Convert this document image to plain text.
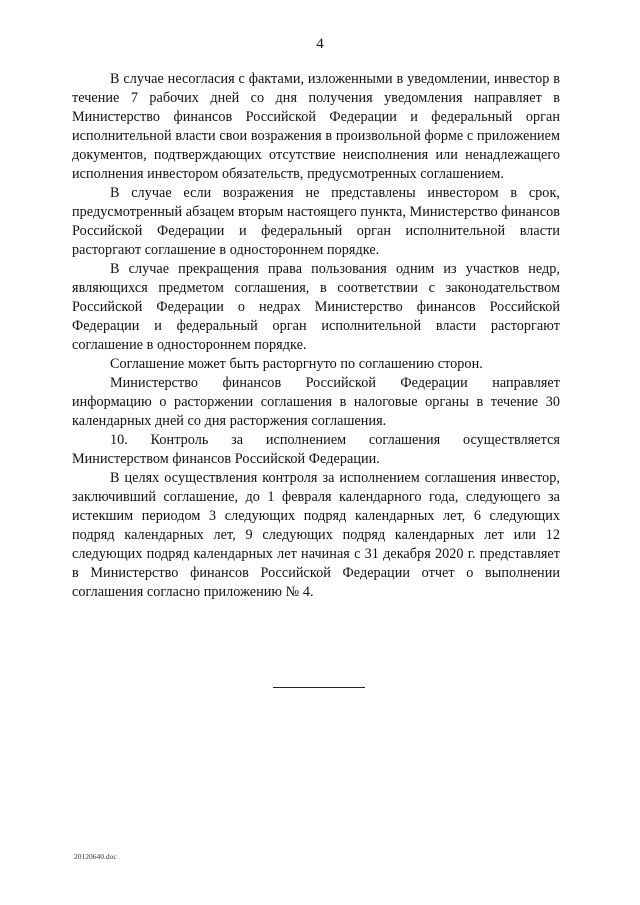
4

В случае несогласия с фактами, изложенными в уведомлении, инвестор в течение 7 рабочих дней со дня получения уведомления направляет в Министерство финансов Российской Федерации и федеральный орган исполнительной власти свои возражения в произвольной форме с приложением документов, подтверждающих отсутствие неисполнения или ненадлежащего исполнения инвестором обязательств, предусмотренных соглашением.

В случае если возражения не представлены инвестором в срок, предусмотренный абзацем вторым настоящего пункта, Министерство финансов Российской Федерации и федеральный орган исполнительной власти расторгают соглашение в одностороннем порядке.

В случае прекращения права пользования одним из участков недр, являющихся предметом соглашения, в соответствии с законодательством Российской Федерации о недрах Министерство финансов Российской Федерации и федеральный орган исполнительной власти расторгают соглашение в одностороннем порядке.

Соглашение может быть расторгнуто по соглашению сторон.

Министерство финансов Российской Федерации направляет информацию о расторжении соглашения в налоговые органы в течение 30 календарных дней со дня расторжения соглашения.

10. Контроль за исполнением соглашения осуществляется Министерством финансов Российской Федерации.

В целях осуществления контроля за исполнением соглашения инвестор, заключивший соглашение, до 1 февраля календарного года, следующего за истекшим периодом 3 следующих подряд календарных лет, 6 следующих подряд календарных лет, 9 следующих подряд календарных лет или 12 следующих подряд календарных лет начиная с 31 декабря 2020 г. представляет в Министерство финансов Российской Федерации отчет о выполнении соглашения согласно приложению № 4.

20120640.doc
